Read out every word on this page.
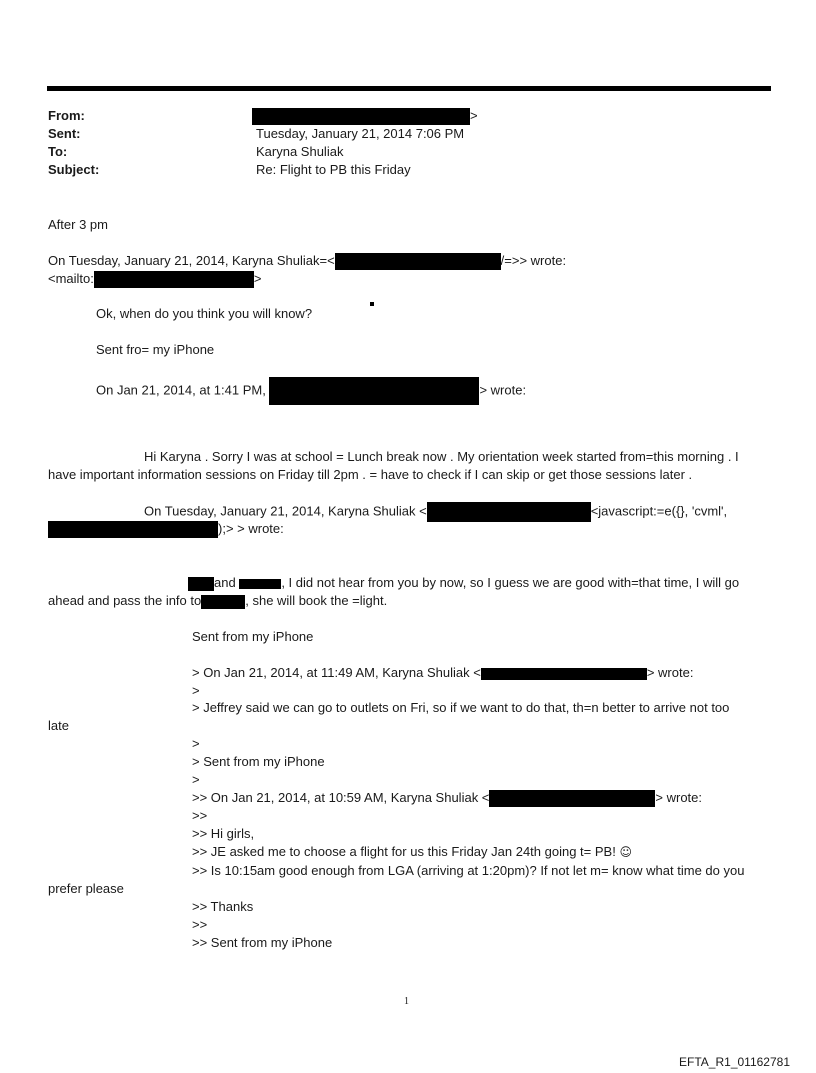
From:	>
Sent:	Tuesday, January 21, 2014 7:06 PM
To:	Karyna Shuliak
Subject:	Re: Flight to PB this Friday
After 3 pm
On Tuesday, January 21, 2014, Karyna Shuliak=<	/=>> wrote:
<mailto:	>
Ok, when do you think you will know?
Sent fro= my iPhone
On Jan 21, 2014, at 1:41 PM,	> wrote:
Hi Karyna . Sorry I was at school = Lunch break now . My orientation week started from=this morning . I
have important information sessions on Friday till 2pm . = have to check if I can skip or get those sessions later .
On Tuesday, January 21, 2014, Karyna Shuliak <	<javascript:=e({}, 'cvml',
);> > wrote:
and	, I did not hear from you by now, so I guess we are good with=that time, I will go
ahead and pass the info to	, she will book the =light.
Sent from my iPhone
> On Jan 21, 2014, at 11:49 AM, Karyna Shuliak <	> wrote:
>
> Jeffrey said we can go to outlets on Fri, so if we want to do that, th=n better to arrive not too
late
>
> Sent from my iPhone
>
>> On Jan 21, 2014, at 10:59 AM, Karyna Shuliak <	> wrote:
>>
>> Hi girls,
>> JE asked me to choose a flight for us this Friday Jan 24th going t= PB! ☺
>> Is 10:15am good enough from LGA (arriving at 1:20pm)? If not let m= know what time do you
prefer please
>> Thanks
>>
>> Sent from my iPhone
1
EFTA_R1_01162781
